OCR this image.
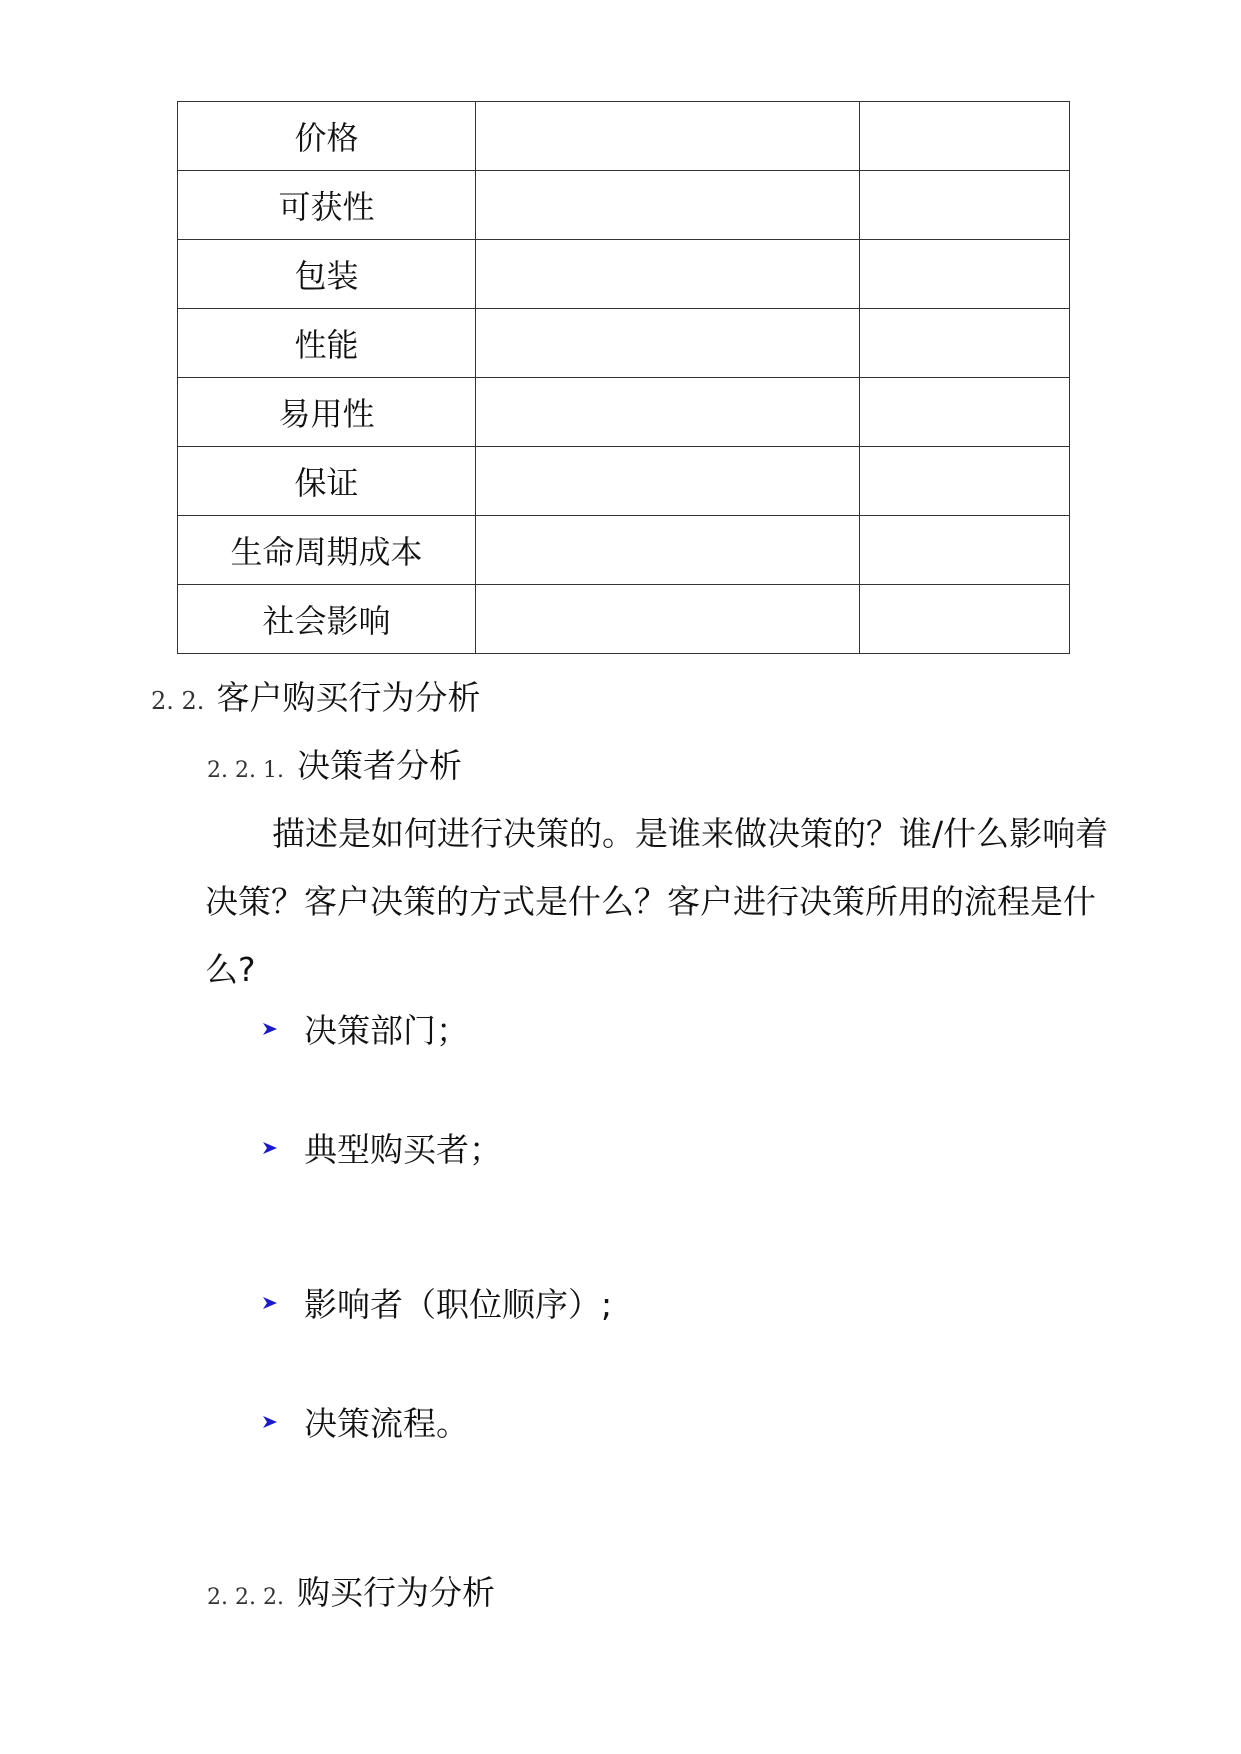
价格		
可获性		
包装		
性能		
易用性		
保证		
生命周期成本		
社会影响		
2. 2. 客户购买行为分析
2. 2. 1. 决策者分析
描述是如何进行决策的。是谁来做决策的？谁/什么影响着
决策？客户决策的方式是什么？客户进行决策所用的流程是什
么?
决策部门；
典型购买者；
影响者（职位顺序）;
决策流程。
2. 2. 2. 购买行为分析
